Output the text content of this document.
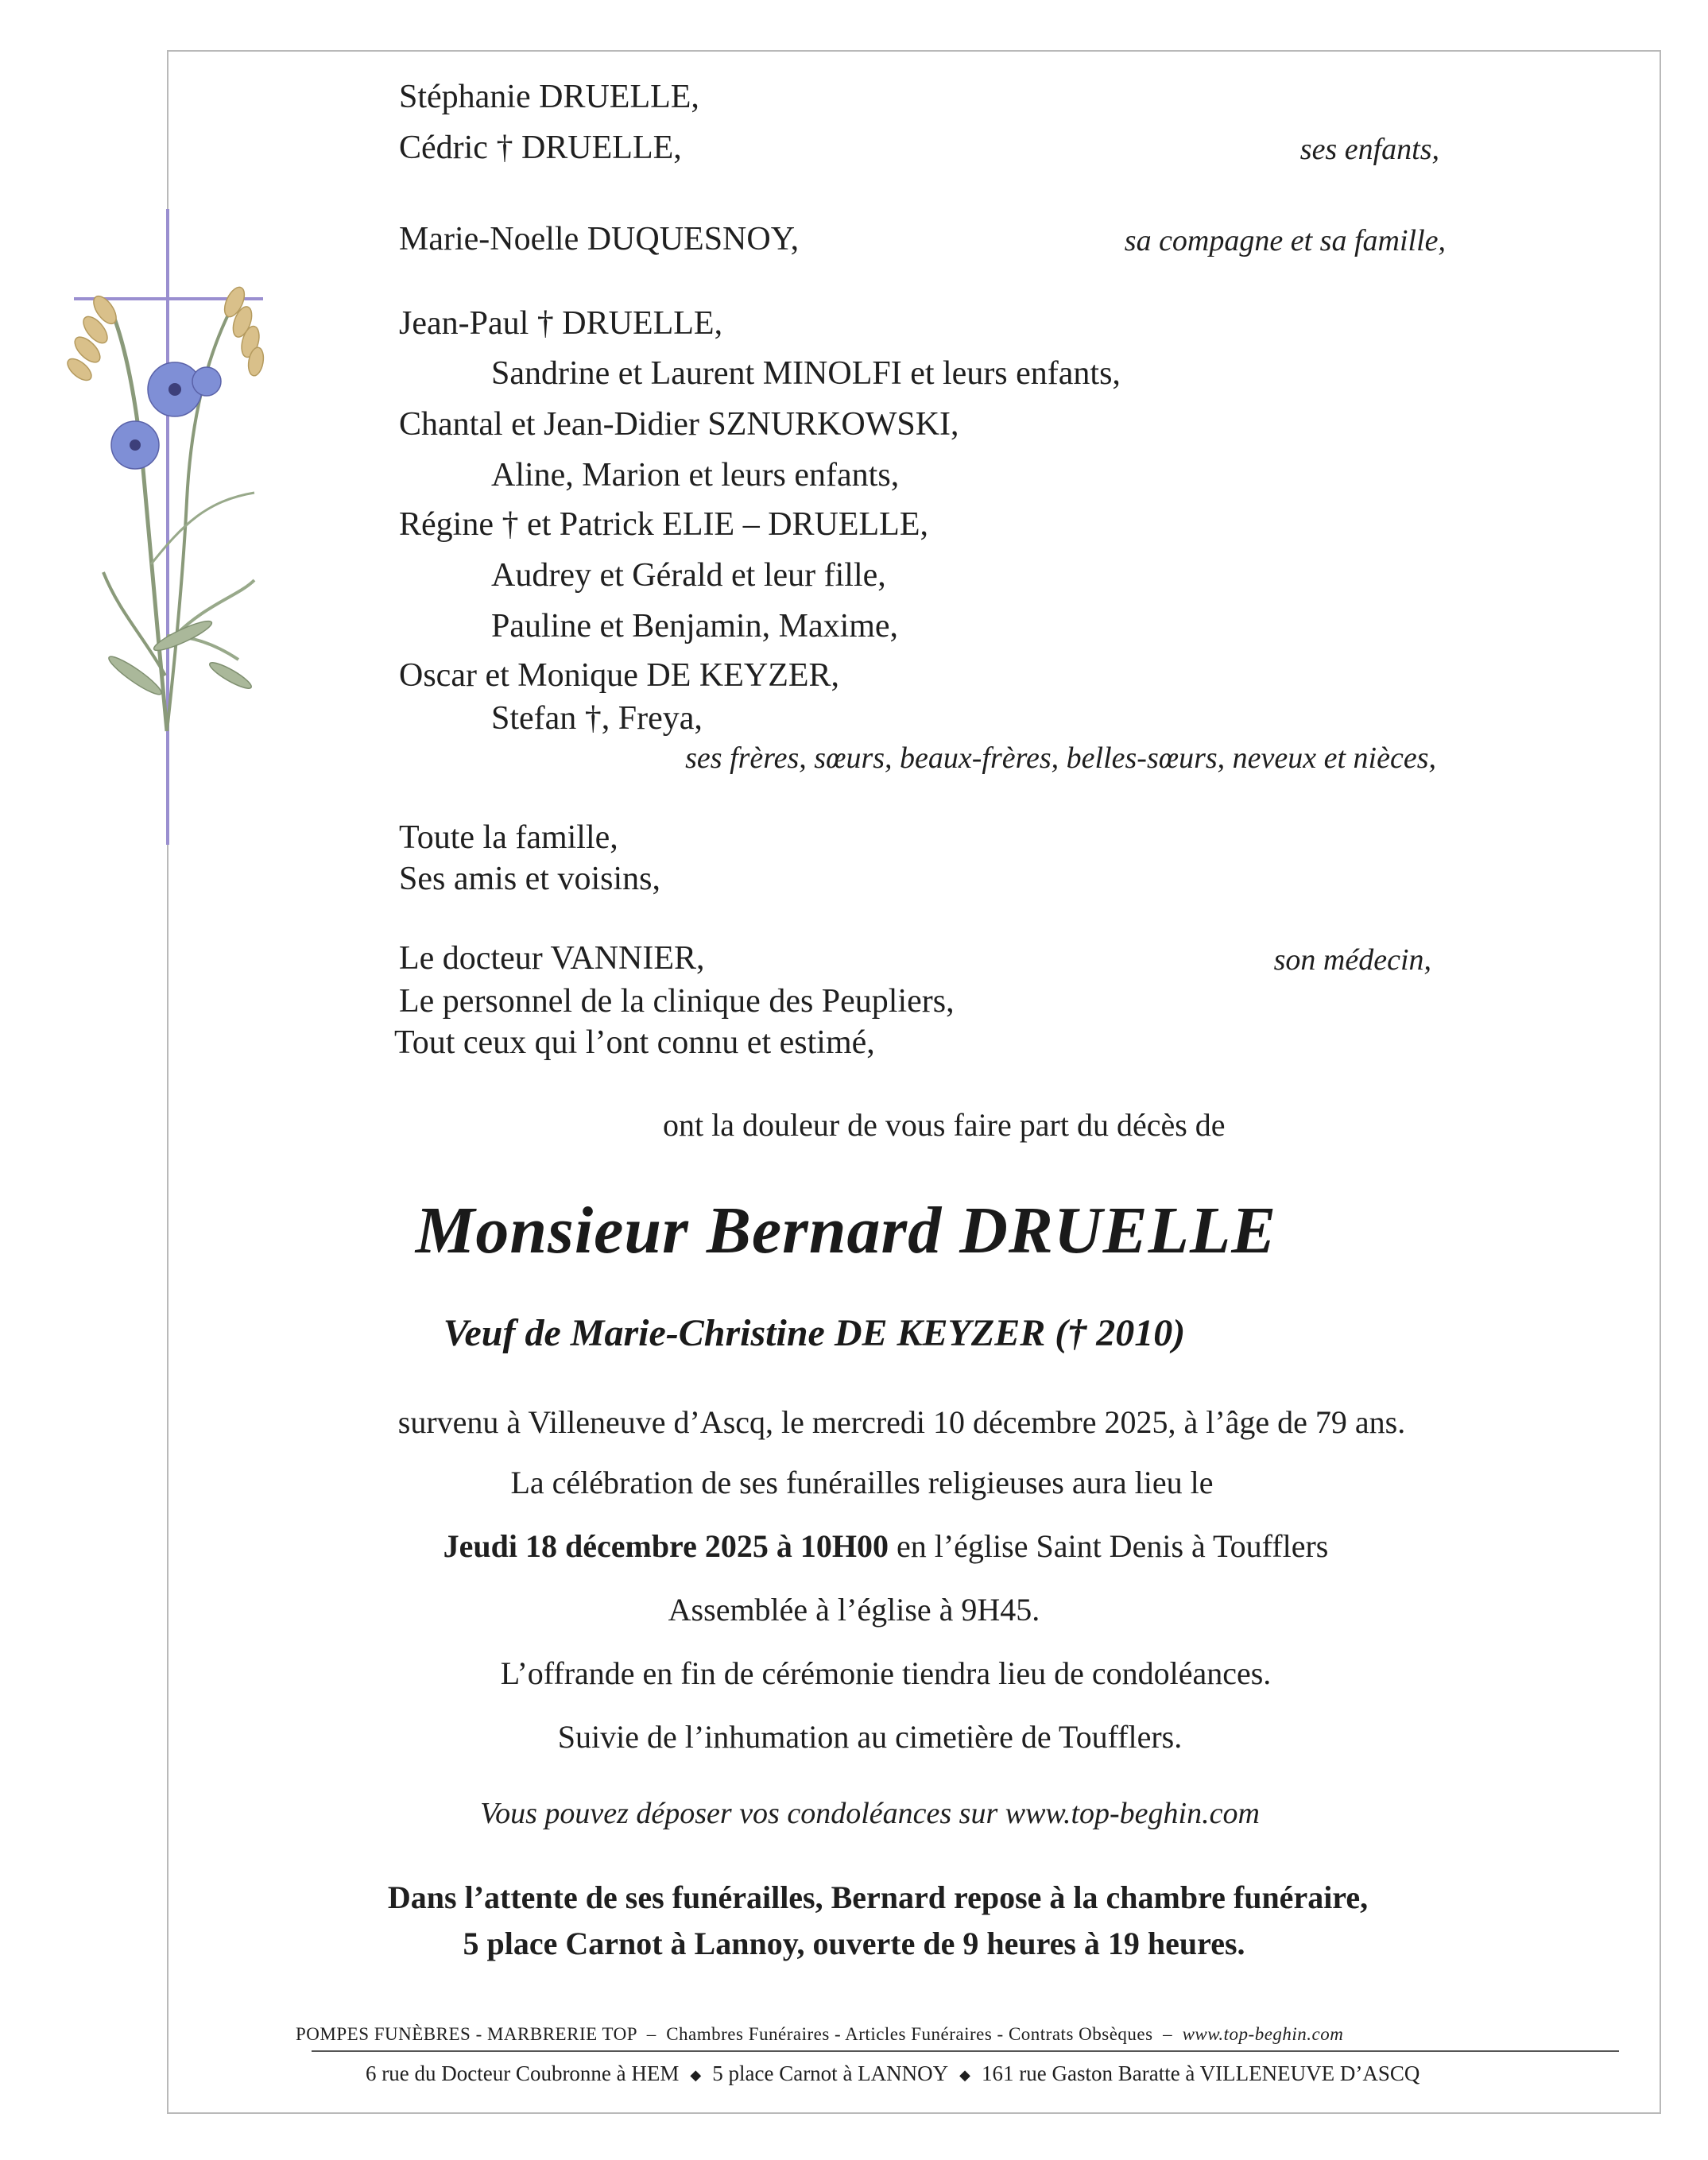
Stéphanie DRUELLE,
Cédric † DRUELLE,	ses enfants,
Marie-Noelle DUQUESNOY,	sa compagne et sa famille,
Jean-Paul † DRUELLE,
Sandrine et Laurent MINOLFI et leurs enfants,
Chantal et Jean-Didier SZNURKOWSKI,
Aline, Marion et leurs enfants,
Régine † et Patrick ELIE – DRUELLE,
Audrey et Gérald et leur fille,
Pauline et Benjamin, Maxime,
Oscar et Monique DE KEYZER,
Stefan †, Freya,
ses frères, sœurs, beaux-frères, belles-sœurs, neveux et nièces,
Toute la famille,
Ses amis et voisins,
Le docteur VANNIER,	son médecin,
Le personnel de la clinique des Peupliers,
Tout ceux qui l’ont connu et estimé,
ont la douleur de vous faire part du décès de
Monsieur Bernard DRUELLE
Veuf de Marie-Christine DE KEYZER († 2010)
survenu à Villeneuve d’Ascq, le mercredi 10 décembre 2025, à l’âge de 79 ans.
La célébration de ses funérailles religieuses aura lieu le
Jeudi 18 décembre 2025 à 10H00 en l’église Saint Denis à Toufflers
Assemblée à l’église à 9H45.
L’offrande en fin de cérémonie tiendra lieu de condoléances.
Suivie de l’inhumation au cimetière de Toufflers.
Vous pouvez déposer vos condoléances sur www.top-beghin.com
Dans l’attente de ses funérailles, Bernard repose à la chambre funéraire,
5 place Carnot à Lannoy, ouverte de 9 heures à 19 heures.
POMPES FUNÈBRES - MARBRERIE TOP – Chambres Funéraires - Articles Funéraires - Contrats Obsèques – www.top-beghin.com
6 rue du Docteur Coubronne à HEM ◆ 5 place Carnot à LANNOY ◆ 161 rue Gaston Baratte à VILLENEUVE D’ASCQ
